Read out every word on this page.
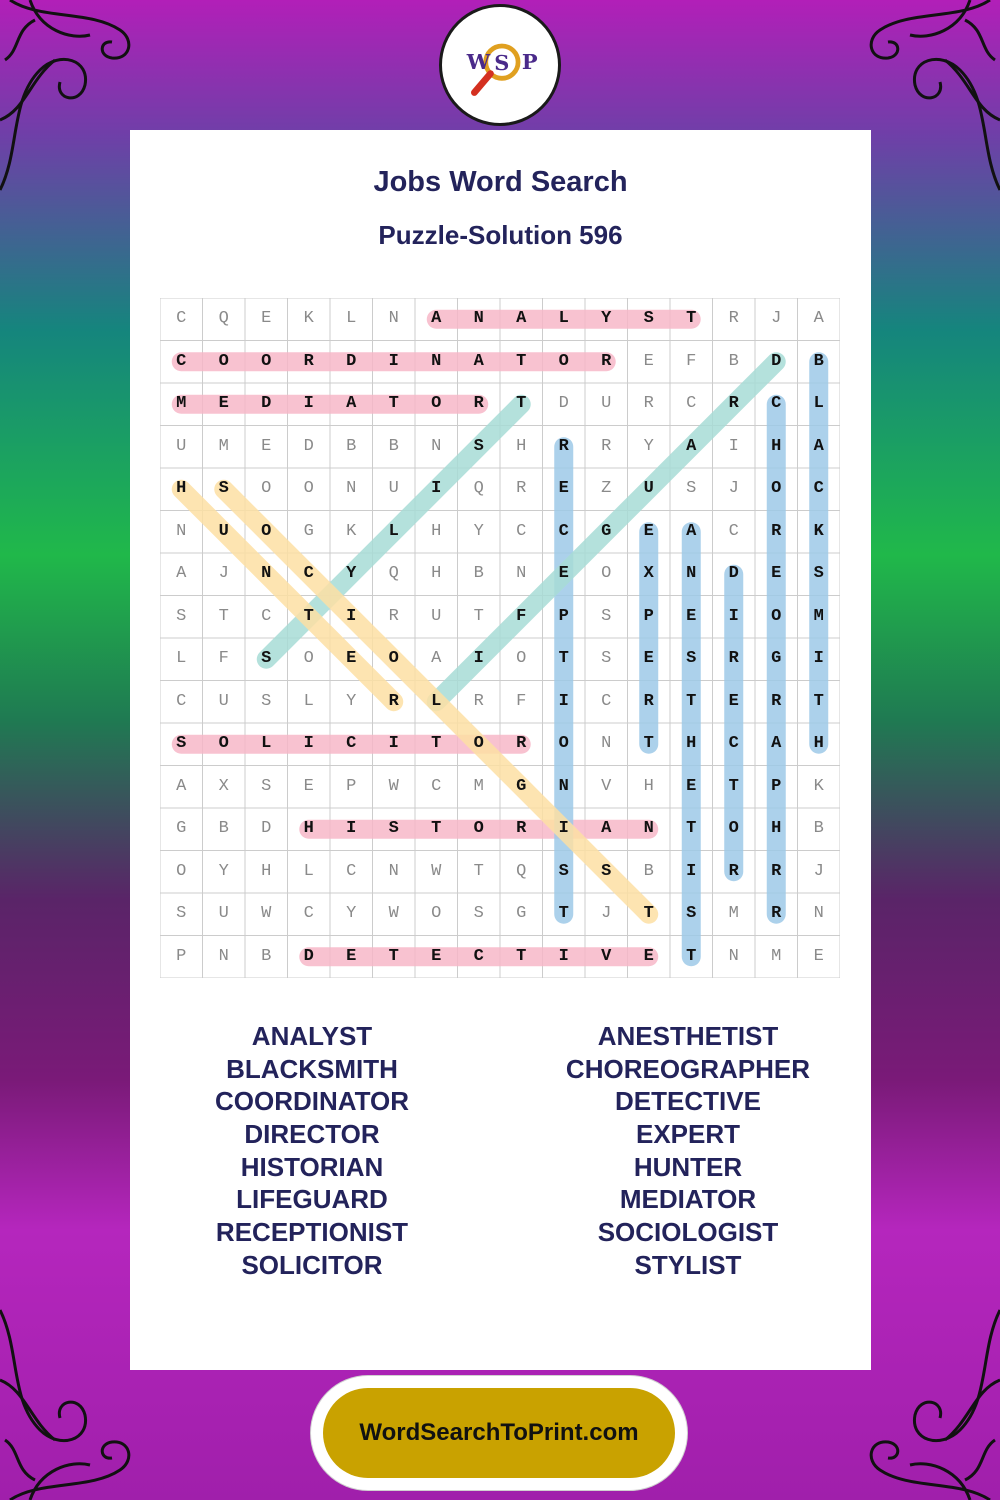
W S P
Jobs Word Search
Puzzle-Solution 596
C	Q	E	K	L	N	A	N	A	L	Y	S	T	R	J	A
C	O	O	R	D	I	N	A	T	O	R	E	F	B	D	B
M	E	D	I	A	T	O	R	T	D	U	R	C	R	C	L
U	M	E	D	B	B	N	S	H	R	R	Y	A	I	H	A
H	S	O	O	N	U	I	Q	R	E	Z	U	S	J	O	C
N	U	O	G	K	L	H	Y	C	C	G	E	A	C	R	K
A	J	N	C	Y	Q	H	B	N	E	O	X	N	D	E	S
S	T	C	T	I	R	U	T	F	P	S	P	E	I	O	M
L	F	S	O	E	O	A	I	O	T	S	E	S	R	G	I
C	U	S	L	Y	R	L	R	F	I	C	R	T	E	R	T
S	O	L	I	C	I	T	O	R	O	N	T	H	C	A	H
A	X	S	E	P	W	C	M	G	N	V	H	E	T	P	K
G	B	D	H	I	S	T	O	R	I	A	N	T	O	H	B
O	Y	H	L	C	N	W	T	Q	S	S	B	I	R	R	J
S	U	W	C	Y	W	O	S	G	T	J	T	S	M	R	N
P	N	B	D	E	T	E	C	T	I	V	E	T	N	M	E
ANALYST
BLACKSMITH
COORDINATOR
DIRECTOR
HISTORIAN
LIFEGUARD
RECEPTIONIST
SOLICITOR
ANESTHETIST
CHOREOGRAPHER
DETECTIVE
EXPERT
HUNTER
MEDIATOR
SOCIOLOGIST
STYLIST
WordSearchToPrint.com
